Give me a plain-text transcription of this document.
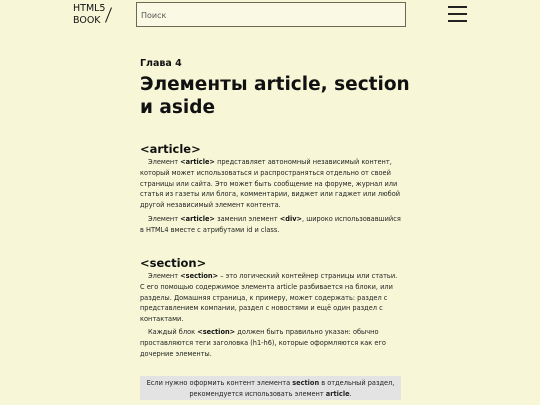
HTML5
BOOK
Поиск
Глава 4
Элементы article, section
и aside
<article>

Элемент <article> представляет автономный независимый контент, который может использоваться и распространяться отдельно от своей страницы или сайта. Это может быть сообщение на форуме, журнал или статья из газеты или блога, комментарии, виджет или гаджет или любой другой независимый элемент контента.

Элемент <article> заменил элемент <div>, широко использовавшийся в HTML4 вместе с атрибутами id и class.

<section>

Элемент <section> – это логический контейнер страницы или статьи. С его помощью содержимое элемента article разбивается на блоки, или разделы. Домашняя страница, к примеру, может содержать: раздел с представлением компании, раздел с новостями и ещё один раздел с контактами.

Каждый блок <section> должен быть правильно указан: обычно проставляются теги заголовка (h1-h6), которые оформляются как его дочерние элементы.

Если нужно оформить контент элемента section в отдельный раздел, рекомендуется использовать элемент article.
